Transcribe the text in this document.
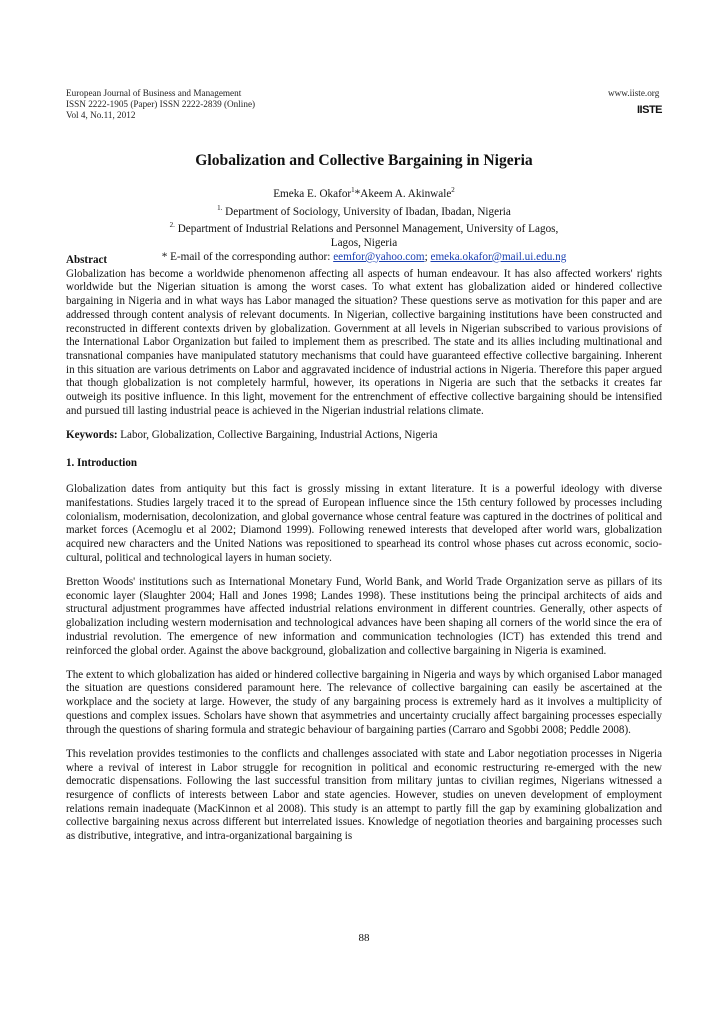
European Journal of Business and Management
ISSN 2222-1905 (Paper) ISSN 2222-2839 (Online)
Vol 4, No.11, 2012
www.iiste.org
IISTE
Globalization and Collective Bargaining in Nigeria
Emeka E. Okafor$^1$*Akeem A. Akinwale$^2$
$^{1.}$ Department of Sociology, University of Ibadan, Ibadan, Nigeria
$^{2.}$ Department of Industrial Relations and Personnel Management, University of Lagos,
Lagos, Nigeria
* E-mail of the corresponding author: eemfor@yahoo.com; emeka.okafor@mail.ui.edu.ng

Abstract

Globalization has become a worldwide phenomenon affecting all aspects of human endeavour. It has also affected workers' rights worldwide but the Nigerian situation is among the worst cases. To what extent has globalization aided or hindered collective bargaining in Nigeria and in what ways has Labor managed the situation? These questions serve as motivation for this paper and are addressed through content analysis of relevant documents. In Nigerian, collective bargaining institutions have been constructed and reconstructed in different contexts driven by globalization. Government at all levels in Nigerian subscribed to various provisions of the International Labor Organization but failed to implement them as prescribed. The state and its allies including multinational and transnational companies have manipulated statutory mechanisms that could have guaranteed effective collective bargaining. Inherent in this situation are various detriments on Labor and aggravated incidence of industrial actions in Nigeria. Therefore this paper argued that though globalization is not completely harmful, however, its operations in Nigeria are such that the setbacks it creates far outweigh its positive influence. In this light, movement for the entrenchment of effective collective bargaining should be intensified and pursued till lasting industrial peace is achieved in the Nigerian industrial relations climate.

Keywords: Labor, Globalization, Collective Bargaining, Industrial Actions, Nigeria

1. Introduction

Globalization dates from antiquity but this fact is grossly missing in extant literature. It is a powerful ideology with diverse manifestations. Studies largely traced it to the spread of European influence since the 15th century followed by processes including colonialism, modernisation, decolonization, and global governance whose central feature was captured in the doctrines of political and market forces (Acemoglu et al 2002; Diamond 1999). Following renewed interests that developed after world wars, globalization acquired new characters and the United Nations was repositioned to spearhead its control whose phases cut across economic, socio-cultural, political and technological layers in human society.

Bretton Woods' institutions such as International Monetary Fund, World Bank, and World Trade Organization serve as pillars of its economic layer (Slaughter 2004; Hall and Jones 1998; Landes 1998). These institutions being the principal architects of aids and structural adjustment programmes have affected industrial relations environment in different countries. Generally, other aspects of globalization including western modernisation and technological advances have been shaping all corners of the world since the era of industrial revolution. The emergence of new information and communication technologies (ICT) has extended this trend and reinforced the global order. Against the above background, globalization and collective bargaining in Nigeria is examined.

The extent to which globalization has aided or hindered collective bargaining in Nigeria and ways by which organised Labor managed the situation are questions considered paramount here. The relevance of collective bargaining can easily be ascertained at the workplace and the society at large. However, the study of any bargaining process is extremely hard as it involves a multiplicity of questions and complex issues. Scholars have shown that asymmetries and uncertainty crucially affect bargaining processes especially through the questions of sharing formula and strategic behaviour of bargaining parties (Carraro and Sgobbi 2008; Peddle 2008).

This revelation provides testimonies to the conflicts and challenges associated with state and Labor negotiation processes in Nigeria where a revival of interest in Labor struggle for recognition in political and economic restructuring re-emerged with the new democratic dispensations. Following the last successful transition from military juntas to civilian regimes, Nigerians witnessed a resurgence of conflicts of interests between Labor and state agencies. However, studies on uneven development of employment relations remain inadequate (MacKinnon et al 2008). This study is an attempt to partly fill the gap by examining globalization and collective bargaining nexus across different but interrelated issues. Knowledge of negotiation theories and bargaining processes such as distributive, integrative, and intra-organizational bargaining is

88
